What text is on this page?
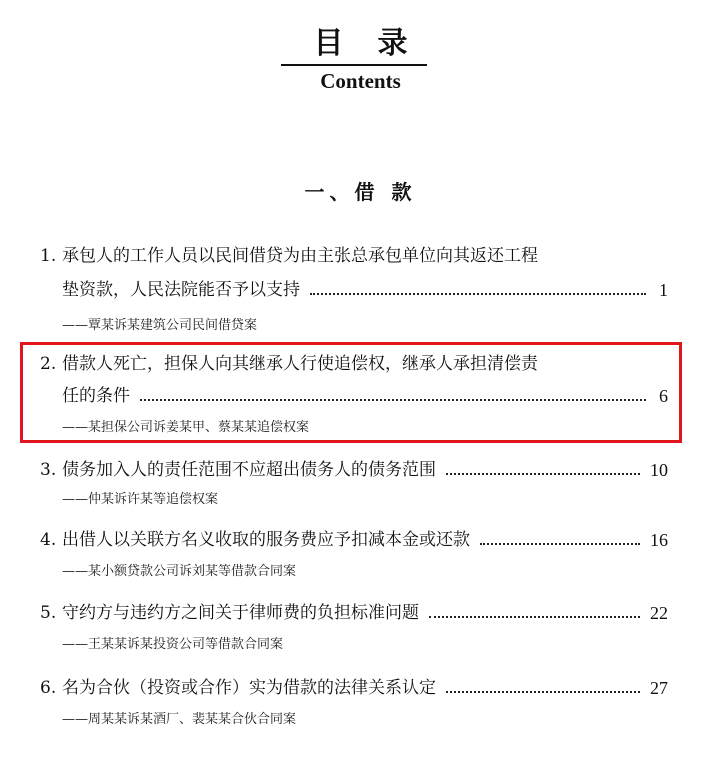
目录
Contents
一、借 款
1. 承包人的工作人员以民间借贷为由主张总承包单位向其返还工程
垫资款，人民法院能否予以支持	1
——覃某诉某建筑公司民间借贷案
2. 借款人死亡，担保人向其继承人行使追偿权，继承人承担清偿责
任的条件	6
——某担保公司诉姜某甲、蔡某某追偿权案
3. 债务加入人的责任范围不应超出债务人的债务范围	10
——仲某诉许某等追偿权案
4. 出借人以关联方名义收取的服务费应予扣减本金或还款	16
——某小额贷款公司诉刘某等借款合同案
5. 守约方与违约方之间关于律师费的负担标准问题	22
——王某某诉某投资公司等借款合同案
6. 名为合伙（投资或合作）实为借款的法律关系认定	27
——周某某诉某酒厂、裴某某合伙合同案
